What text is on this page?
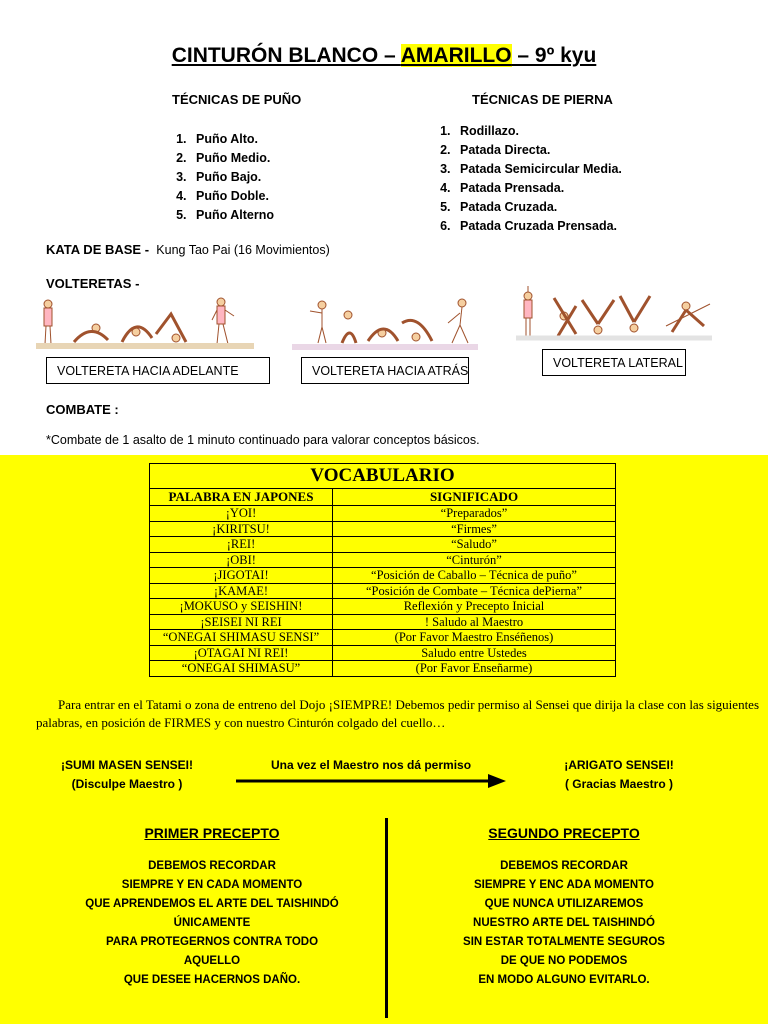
CINTURÓN BLANCO – AMARILLO – 9º kyu
TÉCNICAS DE PUÑO
1. Puño Alto.
2. Puño Medio.
3. Puño Bajo.
4. Puño Doble.
5. Puño Alterno
TÉCNICAS DE PIERNA
1. Rodillazo.
2. Patada Directa.
3. Patada Semicircular Media.
4. Patada Prensada.
5. Patada Cruzada.
6. Patada Cruzada Prensada.
KATA DE BASE - Kung Tao Pai (16 Movimientos)
VOLTERETAS -
VOLTERETA HACIA ADELANTE	VOLTERETA HACIA ATRÁS
VOLTERETA LATERAL
COMBATE :
*Combate de 1 asalto de 1 minuto continuado para valorar conceptos básicos.
VOCABULARIO	
PALABRA EN JAPONES	SIGNIFICADO
¡YOI!	“Preparados”
¡KIRITSU!	“Firmes”
¡REI!	“Saludo”
¡OBI!	“Cinturón”
¡JIGOTAI!	“Posición de Caballo – Técnica de puño”
¡KAMAE!	“Posición de Combate – Técnica dePierna”
¡MOKUSO y SEISHIN!	Reflexión y Precepto Inicial
¡SEISEI NI REI	! Saludo al Maestro
“ONEGAI SHIMASU SENSI”	(Por Favor Maestro Enséñenos)
¡OTAGAI NI REI!	Saludo entre Ustedes
“ONEGAI SHIMASU”	(Por Favor Enseñarme)
Para entrar en el Tatami o zona de entreno del Dojo ¡SIEMPRE! Debemos pedir permiso al Sensei que dirija la clase con las siguientes palabras, en posición de FIRMES y con nuestro Cinturón colgado del cuello…
¡SUMI MASEN SENSEI!
(Disculpe Maestro )
Una vez el Maestro nos dá permiso	¡ARIGATO SENSEI!
( Gracias Maestro )
PRIMER PRECEPTO
DEBEMOS RECORDAR
SIEMPRE Y EN CADA MOMENTO
QUE APRENDEMOS EL ARTE DEL TAISHINDÓ
ÚNICAMENTE
PARA PROTEGERNOS CONTRA TODO
AQUELLO
QUE DESEE HACERNOS DAÑO.
SEGUNDO PRECEPTO
DEBEMOS RECORDAR
SIEMPRE Y ENC ADA MOMENTO
QUE NUNCA UTILIZAREMOS
NUESTRO ARTE DEL TAISHINDÓ
SIN ESTAR TOTALMENTE SEGUROS
DE QUE NO PODEMOS
EN MODO ALGUNO EVITARLO.
